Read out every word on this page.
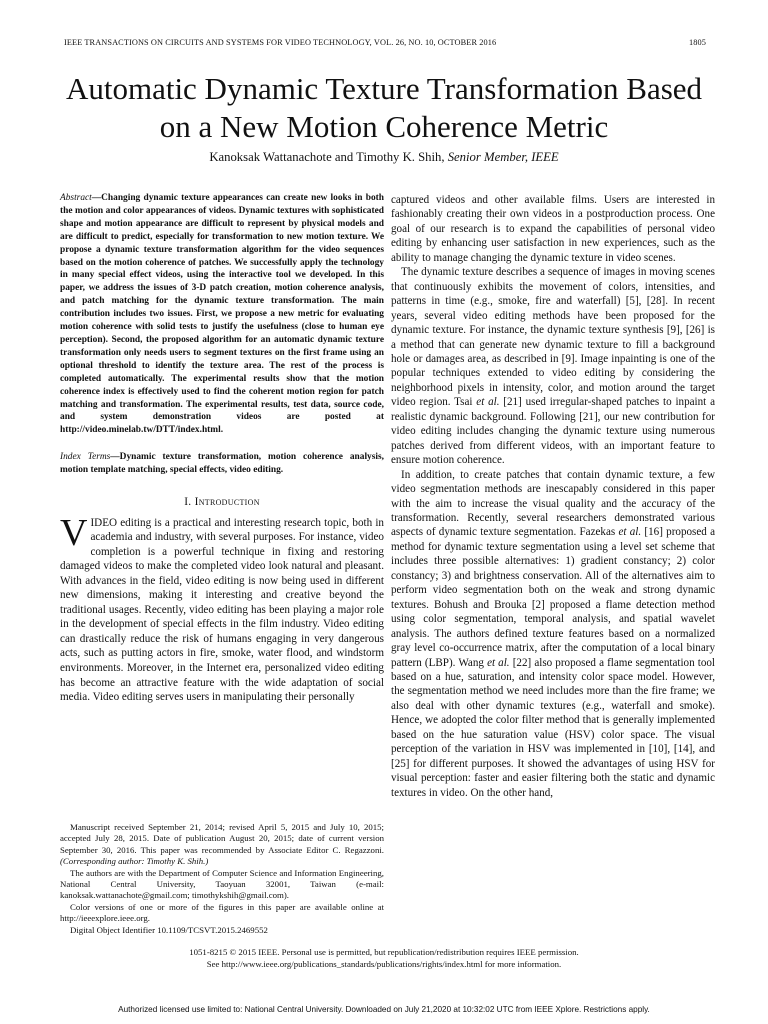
IEEE TRANSACTIONS ON CIRCUITS AND SYSTEMS FOR VIDEO TECHNOLOGY, VOL. 26, NO. 10, OCTOBER 2016	1805
Automatic Dynamic Texture Transformation Based
on a New Motion Coherence Metric
Kanoksak Wattanachote and Timothy K. Shih, Senior Member, IEEE
Abstract—Changing dynamic texture appearances can create new looks in both the motion and color appearances of videos. Dynamic textures with sophisticated shape and motion appearance are difficult to represent by physical models and are difficult to predict, especially for transformation to new motion texture. We propose a dynamic texture transformation algorithm for the video sequences based on the motion coherence of patches. We successfully apply the technology in many special effect videos, using the interactive tool we developed. In this paper, we address the issues of 3-D patch creation, motion coherence analysis, and patch matching for the dynamic texture transformation. The main contribution includes two issues. First, we propose a new metric for evaluating motion coherence with solid tests to justify the usefulness (close to human eye perception). Second, the proposed algorithm for an automatic dynamic texture transformation only needs users to segment textures on the first frame using an optional threshold to identify the texture area. The rest of the process is completed automatically. The experimental results show that the motion coherence index is effectively used to find the coherent motion region for patch matching and transformation. The experimental results, test data, source code, and system demonstration videos are posted at http://video.minelab.tw/DTT/index.html.
Index Terms—Dynamic texture transformation, motion coherence analysis, motion template matching, special effects, video editing.
I. Introduction
VIDEO editing is a practical and interesting research topic, both in academia and industry, with several purposes. For instance, video completion is a powerful technique in fixing and restoring damaged videos to make the completed video look natural and pleasant. With advances in the field, video editing is now being used in different new dimensions, making it interesting and creative beyond the traditional usages. Recently, video editing has been playing a major role in the development of special effects in the film industry. Video editing can drastically reduce the risk of humans engaging in very dangerous acts, such as putting actors in fire, smoke, water flood, and windstorm environments. Moreover, in the Internet era, personalized video editing has become an attractive feature with the wide adaptation of social media. Video editing serves users in manipulating their personally

Manuscript received September 21, 2014; revised April 5, 2015 and July 10, 2015; accepted July 28, 2015. Date of publication August 20, 2015; date of current version September 30, 2016. This paper was recommended by Associate Editor C. Regazzoni. (Corresponding author: Timothy K. Shih.)

The authors are with the Department of Computer Science and Information Engineering, National Central University, Taoyuan 32001, Taiwan (e-mail: kanoksak.wattanachote@gmail.com; timothykshih@gmail.com).

Color versions of one or more of the figures in this paper are available online at http://ieeexplore.ieee.org.

Digital Object Identifier 10.1109/TCSVT.2015.2469552

captured videos and other available films. Users are interested in fashionably creating their own videos in a postproduction process. One goal of our research is to expand the capabilities of personal video editing by enhancing user satisfaction in new experiences, such as the ability to manage changing the dynamic texture in video scenes.

The dynamic texture describes a sequence of images in moving scenes that continuously exhibits the movement of colors, intensities, and patterns in time (e.g., smoke, fire and waterfall) [5], [28]. In recent years, several video editing methods have been proposed for the dynamic texture. For instance, the dynamic texture synthesis [9], [26] is a method that can generate new dynamic texture to fill a background hole or damages area, as described in [9]. Image inpainting is one of the popular techniques extended to video editing by considering the neighborhood pixels in intensity, color, and motion around the target video region. Tsai et al. [21] used irregular-shaped patches to inpaint a realistic dynamic background. Following [21], our new contribution for video editing includes changing the dynamic texture using numerous patches derived from different videos, with an important feature to ensure motion coherence.

In addition, to create patches that contain dynamic texture, a few video segmentation methods are inescapably considered in this paper with the aim to increase the visual quality and the accuracy of the transformation. Recently, several researchers demonstrated various aspects of dynamic texture segmentation. Fazekas et al. [16] proposed a method for dynamic texture segmentation using a level set scheme that includes three possible alternatives: 1) gradient constancy; 2) color constancy; 3) and brightness conservation. All of the alternatives aim to perform video segmentation both on the weak and strong dynamic textures. Bohush and Brouka [2] proposed a flame detection method using color segmentation, temporal analysis, and spatial wavelet analysis. The authors defined texture features based on a normalized gray level co-occurrence matrix, after the computation of a local binary pattern (LBP). Wang et al. [22] also proposed a flame segmentation tool based on a hue, saturation, and intensity color space model. However, the segmentation method we need includes more than the fire frame; we also deal with other dynamic textures (e.g., waterfall and smoke). Hence, we adopted the color filter method that is generally implemented based on the hue saturation value (HSV) color space. The visual perception of the variation in HSV was implemented in [10], [14], and [25] for different purposes. It showed the advantages of using HSV for visual perception: faster and easier filtering both the static and dynamic textures in video. On the other hand,

1051-8215 © 2015 IEEE. Personal use is permitted, but republication/redistribution requires IEEE permission.
See http://www.ieee.org/publications_standards/publications/rights/index.html for more information.
Authorized licensed use limited to: National Central University. Downloaded on July 21,2020 at 10:32:02 UTC from IEEE Xplore. Restrictions apply.
